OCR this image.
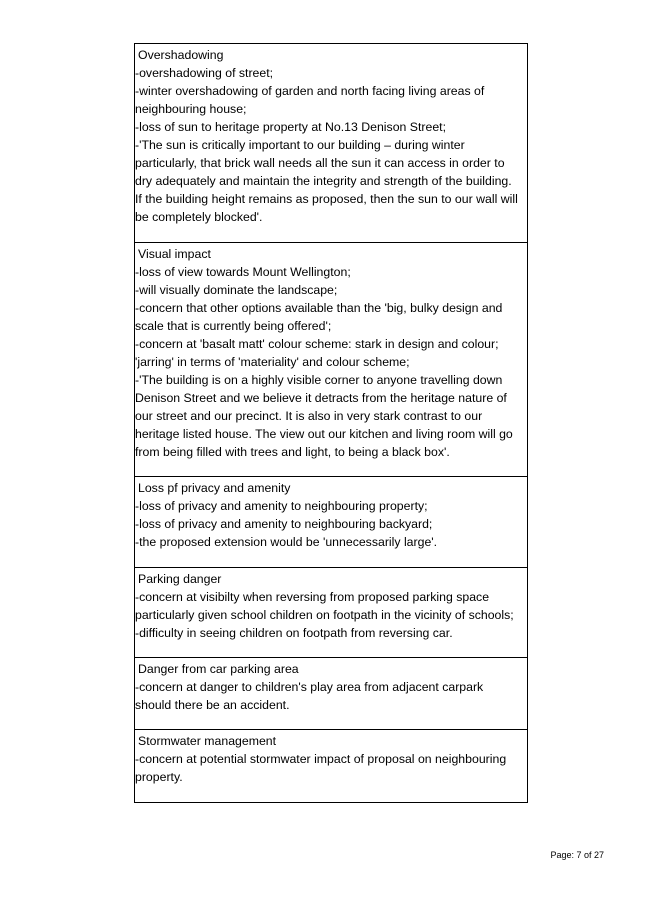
Overshadowing
-overshadowing of street;
-winter overshadowing of garden and north facing living areas of
neighbouring house;
-loss of sun to heritage property at No.13 Denison Street;
-'The sun is critically important to our building – during winter
particularly, that brick wall needs all the sun it can access in order to
dry adequately and maintain the integrity and strength of the building.
If the building height remains as proposed, then the sun to our wall will
be completely blocked'.
Visual impact
-loss of view towards Mount Wellington;
-will visually dominate the landscape;
-concern that other options available than the 'big, bulky design and
scale that is currently being offered';
-concern at 'basalt matt' colour scheme: stark in design and colour;
'jarring' in terms of 'materiality' and colour scheme;
-'The building is on a highly visible corner to anyone travelling down
Denison Street and we believe it detracts from the heritage nature of
our street and our precinct. It is also in very stark contrast to our
heritage listed house. The view out our kitchen and living room will go
from being filled with trees and light, to being a black box'.
Loss pf privacy and amenity
-loss of privacy and amenity to neighbouring property;
-loss of privacy and amenity to neighbouring backyard;
-the proposed extension would be 'unnecessarily large'.
Parking danger
-concern at visibilty when reversing from proposed parking space
particularly given school children on footpath in the vicinity of schools;
-difficulty in seeing children on footpath from reversing car.
Danger from car parking area
-concern at danger to children's play area from adjacent carpark
should there be an accident.
Stormwater management
-concern at potential stormwater impact of proposal on neighbouring
property.
Page: 7 of 27
